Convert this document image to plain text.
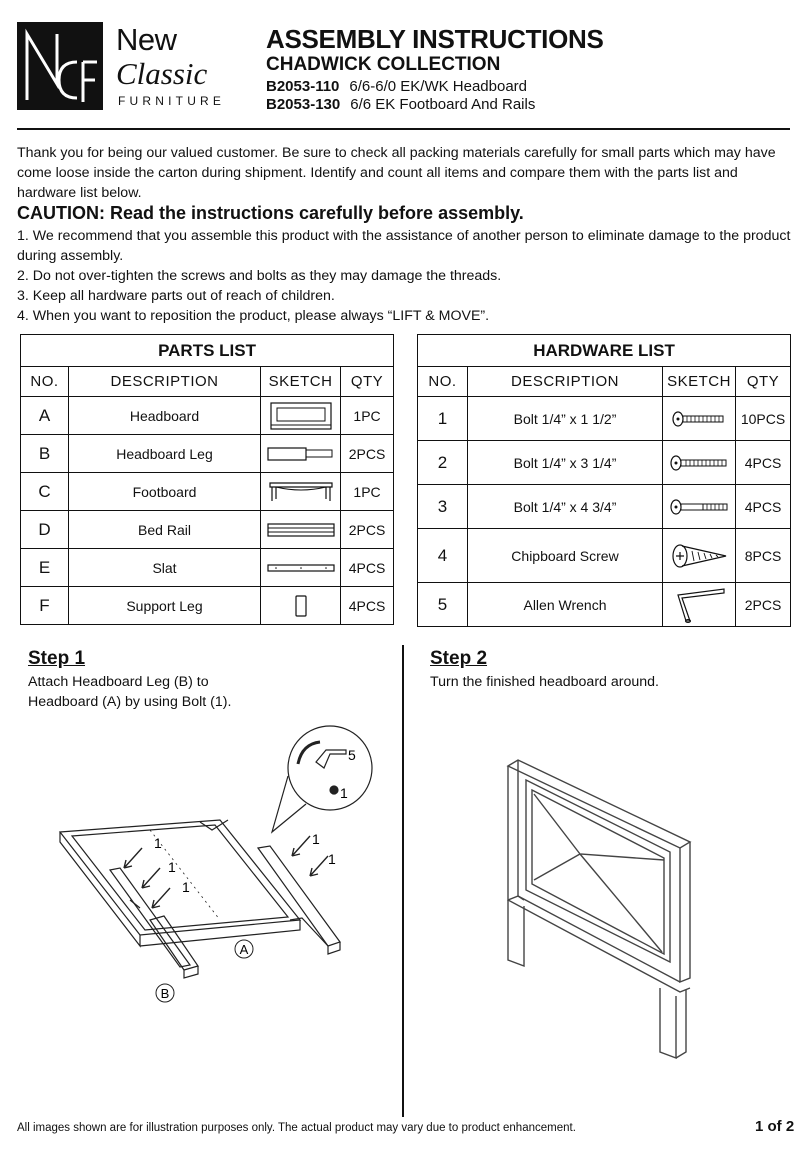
New
Classic
FURNITURE
ASSEMBLY INSTRUCTIONS
CHADWICK COLLECTION
B2053-110 6/6-6/0 EK/WK Headboard
B2053-130 6/6 EK Footboard And Rails
Thank you for being our valued customer. Be sure to check all packing materials carefully for small parts which may have come loose inside the carton during shipment. Identify and count all items and compare them with the parts list and hardware list below.
CAUTION: Read the instructions carefully before assembly.
1. We recommend that you assemble this product with the assistance of another person to eliminate damage to the product during assembly.
2. Do not over-tighten the screws and bolts as they may damage the threads.
3. Keep all hardware parts out of reach of children.
4. When you want to reposition the product, please always “LIFT & MOVE”.
PARTS LIST			
NO.	DESCRIPTION	SKETCH	QTY
A	Headboard		1PC
B	Headboard Leg		2PCS
C	Footboard		1PC
D	Bed Rail		2PCS
E	Slat		4PCS
F	Support Leg		4PCS
HARDWARE LIST			
NO.	DESCRIPTION	SKETCH	QTY
1	Bolt 1/4” x 1 1/2”		10PCS
2	Bolt 1/4” x 3 1/4”		4PCS
3	Bolt 1/4” x 4 3/4”		4PCS
4	Chipboard Screw		8PCS
5	Allen Wrench		2PCS
Step 1
Attach Headboard Leg (B) to
Headboard (A) by using Bolt (1).
1
1
1
1
1
5
1
A
B
Step 2
Turn the finished headboard around.
All images shown are for illustration purposes only. The actual product may vary due to product enhancement.	1 of 2
